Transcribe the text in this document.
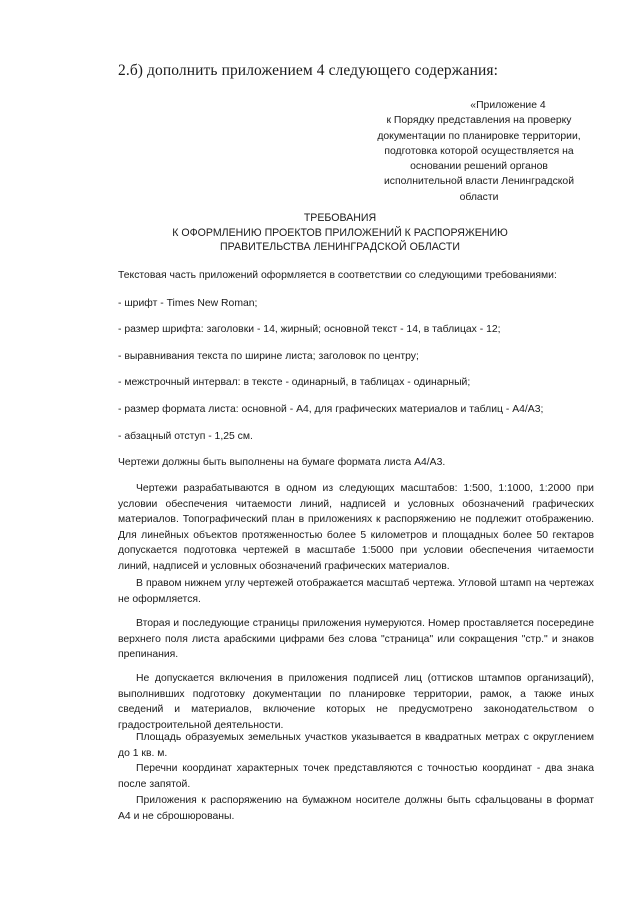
2.б) дополнить приложением 4 следующего содержания:
«Приложение 4
к Порядку представления на проверку
документации по планировке территории,
подготовка которой осуществляется на
основании решений органов
исполнительной власти Ленинградской
области
ТРЕБОВАНИЯ
К ОФОРМЛЕНИЮ ПРОЕКТОВ ПРИЛОЖЕНИЙ К РАСПОРЯЖЕНИЮ
ПРАВИТЕЛЬСТВА ЛЕНИНГРАДСКОЙ ОБЛАСТИ

Текстовая часть приложений оформляется в соответствии со следующими требованиями:

- шрифт - Times New Roman;

- размер шрифта: заголовки - 14, жирный; основной текст - 14, в таблицах - 12;

- выравнивания текста по ширине листа; заголовок по центру;

- межстрочный интервал: в тексте - одинарный, в таблицах - одинарный;

- размер формата листа: основной - А4, для графических материалов и таблиц - А4/А3;

- абзацный отступ - 1,25 см.

Чертежи должны быть выполнены на бумаге формата листа А4/А3.

Чертежи разрабатываются в одном из следующих масштабов: 1:500, 1:1000, 1:2000 при условии обеспечения читаемости линий, надписей и условных обозначений графических материалов. Топографический план в приложениях к распоряжению не подлежит отображению. Для линейных объектов протяженностью более 5 километров и площадных более 50 гектаров допускается подготовка чертежей в масштабе 1:5000 при условии обеспечения читаемости линий, надписей и условных обозначений графических материалов.

В правом нижнем углу чертежей отображается масштаб чертежа. Угловой штамп на чертежах не оформляется.

Вторая и последующие страницы приложения нумеруются. Номер проставляется посередине верхнего поля листа арабскими цифрами без слова "страница" или сокращения "стр." и знаков препинания.

Не допускается включения в приложения подписей лиц (оттисков штампов организаций), выполнивших подготовку документации по планировке территории, рамок, а также иных сведений и материалов, включение которых не предусмотрено законодательством о градостроительной деятельности.

Площадь образуемых земельных участков указывается в квадратных метрах с округлением до 1 кв. м.

Перечни координат характерных точек представляются с точностью координат - два знака после запятой.

Приложения к распоряжению на бумажном носителе должны быть сфальцованы в формат А4 и не сброшюрованы.
